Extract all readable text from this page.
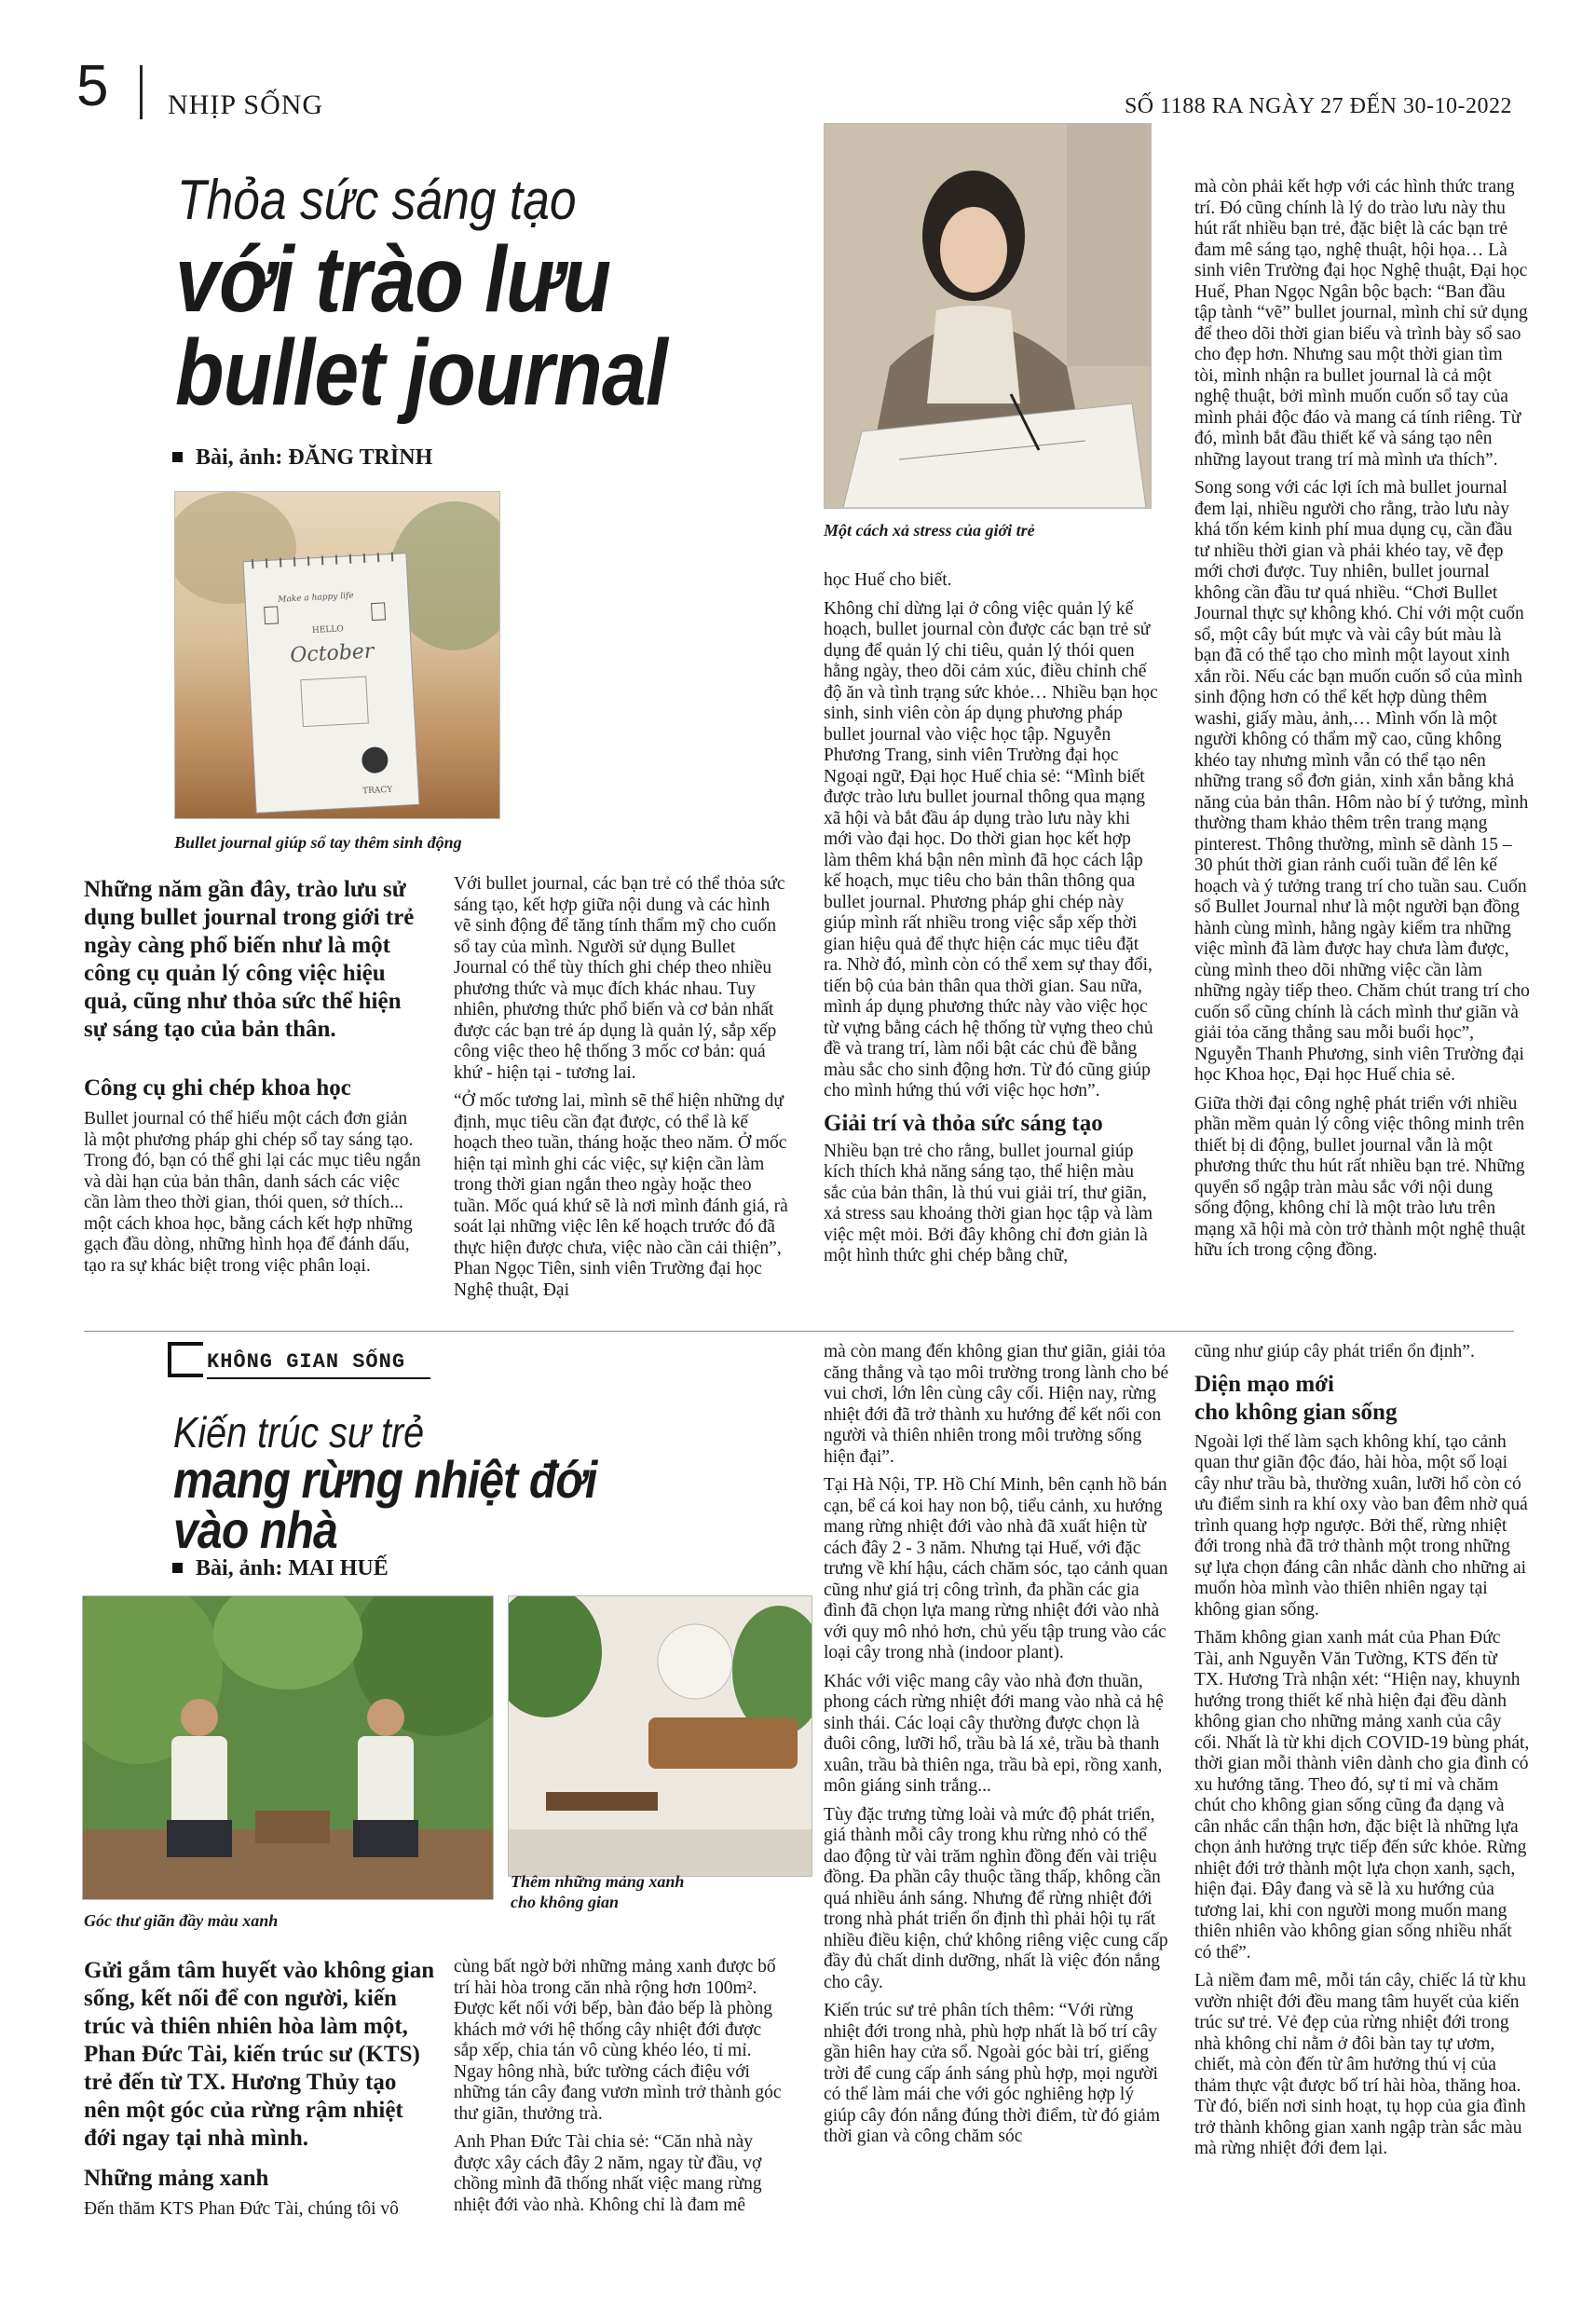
5 NHỊP SỐNG	SỐ 1188 RA NGÀY 27 ĐẾN 30-10-2022
Thỏa sức sáng tạo
với trào lưu
bullet journal
Bài, ảnh: ĐĂNG TRÌNH
Make a happy life
HELLO
October
TRACY
Bullet journal giúp sổ tay thêm sinh động
Một cách xả stress của giới trẻ
Những năm gần đây, trào lưu sử dụng bullet journal trong giới trẻ ngày càng phổ biến như là một công cụ quản lý công việc hiệu quả, cũng như thỏa sức thể hiện sự sáng tạo của bản thân.
Công cụ ghi chép khoa học

Bullet journal có thể hiểu một cách đơn giản là một phương pháp ghi chép sổ tay sáng tạo. Trong đó, bạn có thể ghi lại các mục tiêu ngắn và dài hạn của bản thân, danh sách các việc cần làm theo thời gian, thói quen, sở thích... một cách khoa học, bằng cách kết hợp những gạch đầu dòng, những hình họa để đánh dấu, tạo ra sự khác biệt trong việc phân loại.

Với bullet journal, các bạn trẻ có thể thỏa sức sáng tạo, kết hợp giữa nội dung và các hình vẽ sinh động để tăng tính thẩm mỹ cho cuốn sổ tay của mình. Người sử dụng Bullet Journal có thể tùy thích ghi chép theo nhiều phương thức và mục đích khác nhau. Tuy nhiên, phương thức phổ biến và cơ bản nhất được các bạn trẻ áp dụng là quản lý, sắp xếp công việc theo hệ thống 3 mốc cơ bản: quá khứ - hiện tại - tương lai.

“Ở mốc tương lai, mình sẽ thể hiện những dự định, mục tiêu cần đạt được, có thể là kế hoạch theo tuần, tháng hoặc theo năm. Ở mốc hiện tại mình ghi các việc, sự kiện cần làm trong thời gian ngắn theo ngày hoặc theo tuần. Mốc quá khứ sẽ là nơi mình đánh giá, rà soát lại những việc lên kế hoạch trước đó đã thực hiện được chưa, việc nào cần cải thiện”, Phan Ngọc Tiên, sinh viên Trường đại học Nghệ thuật, Đại

học Huế cho biết.

Không chỉ dừng lại ở công việc quản lý kế hoạch, bullet journal còn được các bạn trẻ sử dụng để quản lý chi tiêu, quản lý thói quen hằng ngày, theo dõi cảm xúc, điều chỉnh chế độ ăn và tình trạng sức khỏe… Nhiều bạn học sinh, sinh viên còn áp dụng phương pháp bullet journal vào việc học tập. Nguyễn Phương Trang, sinh viên Trường đại học Ngoại ngữ, Đại học Huế chia sẻ: “Mình biết được trào lưu bullet journal thông qua mạng xã hội và bắt đầu áp dụng trào lưu này khi mới vào đại học. Do thời gian học kết hợp làm thêm khá bận nên mình đã học cách lập kế hoạch, mục tiêu cho bản thân thông qua bullet journal. Phương pháp ghi chép này giúp mình rất nhiều trong việc sắp xếp thời gian hiệu quả để thực hiện các mục tiêu đặt ra. Nhờ đó, mình còn có thể xem sự thay đổi, tiến bộ của bản thân qua thời gian. Sau nữa, mình áp dụng phương thức này vào việc học từ vựng bằng cách hệ thống từ vựng theo chủ đề và trang trí, làm nổi bật các chủ đề bằng màu sắc cho sinh động hơn. Từ đó cũng giúp cho mình hứng thú với việc học hơn”.

Giải trí và thỏa sức sáng tạo

Nhiều bạn trẻ cho rằng, bullet journal giúp kích thích khả năng sáng tạo, thể hiện màu sắc của bản thân, là thú vui giải trí, thư giãn, xả stress sau khoảng thời gian học tập và làm việc mệt mỏi. Bởi đây không chỉ đơn giản là một hình thức ghi chép bằng chữ,

mà còn phải kết hợp với các hình thức trang trí. Đó cũng chính là lý do trào lưu này thu hút rất nhiều bạn trẻ, đặc biệt là các bạn trẻ đam mê sáng tạo, nghệ thuật, hội họa… Là sinh viên Trường đại học Nghệ thuật, Đại học Huế, Phan Ngọc Ngân bộc bạch: “Ban đầu tập tành “vẽ” bullet journal, mình chỉ sử dụng để theo dõi thời gian biểu và trình bày sổ sao cho đẹp hơn. Nhưng sau một thời gian tìm tòi, mình nhận ra bullet journal là cả một nghệ thuật, bởi mình muốn cuốn sổ tay của mình phải độc đáo và mang cá tính riêng. Từ đó, mình bắt đầu thiết kế và sáng tạo nên những layout trang trí mà mình ưa thích”.

Song song với các lợi ích mà bullet journal đem lại, nhiều người cho rằng, trào lưu này khá tốn kém kinh phí mua dụng cụ, cần đầu tư nhiều thời gian và phải khéo tay, vẽ đẹp mới chơi được. Tuy nhiên, bullet journal không cần đầu tư quá nhiều. “Chơi Bullet Journal thực sự không khó. Chỉ với một cuốn sổ, một cây bút mực và vài cây bút màu là bạn đã có thể tạo cho mình một layout xinh xắn rồi. Nếu các bạn muốn cuốn sổ của mình sinh động hơn có thể kết hợp dùng thêm washi, giấy màu, ảnh,… Mình vốn là một người không có thẩm mỹ cao, cũng không khéo tay nhưng mình vẫn có thể tạo nên những trang sổ đơn giản, xinh xắn bằng khả năng của bản thân. Hôm nào bí ý tưởng, mình thường tham khảo thêm trên trang mạng pinterest. Thông thường, mình sẽ dành 15 – 30 phút thời gian rảnh cuối tuần để lên kế hoạch và ý tưởng trang trí cho tuần sau. Cuốn sổ Bullet Journal như là một người bạn đồng hành cùng mình, hằng ngày kiểm tra những việc mình đã làm được hay chưa làm được, cùng mình theo dõi những việc cần làm những ngày tiếp theo. Chăm chút trang trí cho cuốn sổ cũng chính là cách mình thư giãn và giải tỏa căng thẳng sau mỗi buổi học”, Nguyễn Thanh Phương, sinh viên Trường đại học Khoa học, Đại học Huế chia sẻ.

Giữa thời đại công nghệ phát triển với nhiều phần mềm quản lý công việc thông minh trên thiết bị di động, bullet journal vẫn là một phương thức thu hút rất nhiều bạn trẻ. Những quyển sổ ngập tràn màu sắc với nội dung sống động, không chỉ là một trào lưu trên mạng xã hội mà còn trở thành một nghệ thuật hữu ích trong cộng đồng.

KHÔNG GIAN SỐNG
Kiến trúc sư trẻ
mang rừng nhiệt đới
vào nhà
Bài, ảnh: MAI HUẾ
Góc thư giãn đầy màu xanh
Thêm những mảng xanh
cho không gian
Gửi gắm tâm huyết vào không gian sống, kết nối để con người, kiến trúc và thiên nhiên hòa làm một, Phan Đức Tài, kiến trúc sư (KTS) trẻ đến từ TX. Hương Thủy tạo nên một góc của rừng rậm nhiệt đới ngay tại nhà mình.
Những mảng xanh

Đến thăm KTS Phan Đức Tài, chúng tôi vô

cùng bất ngờ bởi những mảng xanh được bố trí hài hòa trong căn nhà rộng hơn 100m². Được kết nối với bếp, bàn đảo bếp là phòng khách mở với hệ thống cây nhiệt đới được sắp xếp, chia tán vô cùng khéo léo, tỉ mỉ. Ngay hông nhà, bức tường cách điệu với những tán cây đang vươn mình trở thành góc thư giãn, thưởng trà.

Anh Phan Đức Tài chia sẻ: “Căn nhà này được xây cách đây 2 năm, ngay từ đầu, vợ chồng mình đã thống nhất việc mang rừng nhiệt đới vào nhà. Không chỉ là đam mê

mà còn mang đến không gian thư giãn, giải tỏa căng thẳng và tạo môi trường trong lành cho bé vui chơi, lớn lên cùng cây cối. Hiện nay, rừng nhiệt đới đã trở thành xu hướng để kết nối con người và thiên nhiên trong môi trường sống hiện đại”.

Tại Hà Nội, TP. Hồ Chí Minh, bên cạnh hồ bán cạn, bể cá koi hay non bộ, tiểu cảnh, xu hướng mang rừng nhiệt đới vào nhà đã xuất hiện từ cách đây 2 - 3 năm. Nhưng tại Huế, với đặc trưng về khí hậu, cách chăm sóc, tạo cảnh quan cũng như giá trị công trình, đa phần các gia đình đã chọn lựa mang rừng nhiệt đới vào nhà với quy mô nhỏ hơn, chủ yếu tập trung vào các loại cây trong nhà (indoor plant).

Khác với việc mang cây vào nhà đơn thuần, phong cách rừng nhiệt đới mang vào nhà cả hệ sinh thái. Các loại cây thường được chọn là đuôi công, lưỡi hổ, trầu bà lá xẻ, trầu bà thanh xuân, trầu bà thiên nga, trầu bà epi, rồng xanh, môn giáng sinh trắng...

Tùy đặc trưng từng loài và mức độ phát triển, giá thành mỗi cây trong khu rừng nhỏ có thể dao động từ vài trăm nghìn đồng đến vài triệu đồng. Đa phần cây thuộc tầng thấp, không cần quá nhiều ánh sáng. Nhưng để rừng nhiệt đới trong nhà phát triển ổn định thì phải hội tụ rất nhiều điều kiện, chứ không riêng việc cung cấp đầy đủ chất dinh dưỡng, nhất là việc đón nắng cho cây.

Kiến trúc sư trẻ phân tích thêm: “Với rừng nhiệt đới trong nhà, phù hợp nhất là bố trí cây gần hiên hay cửa sổ. Ngoài góc bài trí, giếng trời để cung cấp ánh sáng phù hợp, mọi người có thể làm mái che với góc nghiêng hợp lý giúp cây đón nắng đúng thời điểm, từ đó giảm thời gian và công chăm sóc

cũng như giúp cây phát triển ổn định”.

Diện mạo mới
cho không gian sống

Ngoài lợi thế làm sạch không khí, tạo cảnh quan thư giãn độc đáo, hài hòa, một số loại cây như trầu bà, thường xuân, lưỡi hổ còn có ưu điểm sinh ra khí oxy vào ban đêm nhờ quá trình quang hợp ngược. Bởi thế, rừng nhiệt đới trong nhà đã trở thành một trong những sự lựa chọn đáng cân nhắc dành cho những ai muốn hòa mình vào thiên nhiên ngay tại không gian sống.

Thăm không gian xanh mát của Phan Đức Tài, anh Nguyễn Văn Tường, KTS đến từ TX. Hương Trà nhận xét: “Hiện nay, khuynh hướng trong thiết kế nhà hiện đại đều dành không gian cho những mảng xanh của cây cối. Nhất là từ khi dịch COVID-19 bùng phát, thời gian mỗi thành viên dành cho gia đình có xu hướng tăng. Theo đó, sự tỉ mỉ và chăm chút cho không gian sống cũng đa dạng và cân nhắc cẩn thận hơn, đặc biệt là những lựa chọn ảnh hưởng trực tiếp đến sức khỏe. Rừng nhiệt đới trở thành một lựa chọn xanh, sạch, hiện đại. Đây đang và sẽ là xu hướng của tương lai, khi con người mong muốn mang thiên nhiên vào không gian sống nhiều nhất có thể”.

Là niềm đam mê, mỗi tán cây, chiếc lá từ khu vườn nhiệt đới đều mang tâm huyết của kiến trúc sư trẻ. Vẻ đẹp của rừng nhiệt đới trong nhà không chỉ nằm ở đôi bàn tay tự ươm, chiết, mà còn đến từ âm hưởng thú vị của thảm thực vật được bố trí hài hòa, thăng hoa. Từ đó, biến nơi sinh hoạt, tụ họp của gia đình trở thành không gian xanh ngập tràn sắc màu mà rừng nhiệt đới đem lại.
